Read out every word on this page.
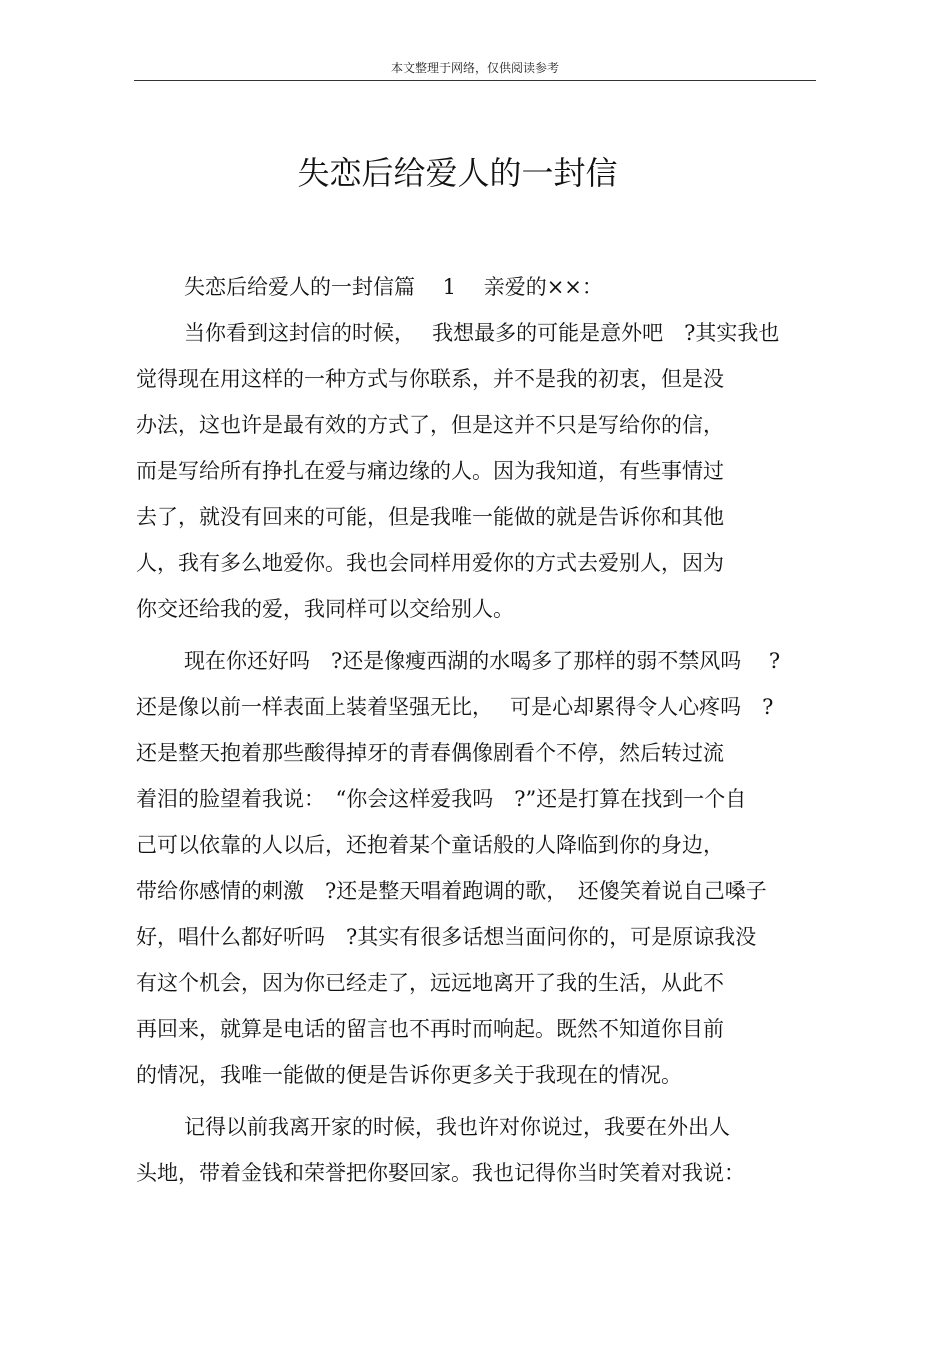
本文整理于网络，仅供阅读参考
失恋后给爱人的一封信
失恋后给爱人的一封信篇　 1　 亲爱的××：
当你看到这封信的时候，　 我想最多的可能是意外吧　?其实我也
觉得现在用这样的一种方式与你联系，并不是我的初衷，但是没
办法，这也许是最有效的方式了，但是这并不只是写给你的信，
而是写给所有挣扎在爱与痛边缘的人。因为我知道，有些事情过
去了，就没有回来的可能，但是我唯一能做的就是告诉你和其他
人，我有多么地爱你。我也会同样用爱你的方式去爱别人，因为
你交还给我的爱，我同样可以交给别人。
现在你还好吗　?还是像瘦西湖的水喝多了那样的弱不禁风吗　 ?
还是像以前一样表面上装着坚强无比，　 可是心却累得令人心疼吗　?
还是整天抱着那些酸得掉牙的青春偶像剧看个不停，然后转过流
着泪的脸望着我说：　“你会这样爱我吗　?”还是打算在找到一个自
己可以依靠的人以后，还抱着某个童话般的人降临到你的身边，
带给你感情的刺激　?还是整天唱着跑调的歌，　还傻笑着说自己嗓子
好，唱什么都好听吗　?其实有很多话想当面问你的，可是原谅我没
有这个机会，因为你已经走了，远远地离开了我的生活，从此不
再回来，就算是电话的留言也不再时而响起。既然不知道你目前
的情况，我唯一能做的便是告诉你更多关于我现在的情况。
记得以前我离开家的时候，我也许对你说过，我要在外出人
头地，带着金钱和荣誉把你娶回家。我也记得你当时笑着对我说：
